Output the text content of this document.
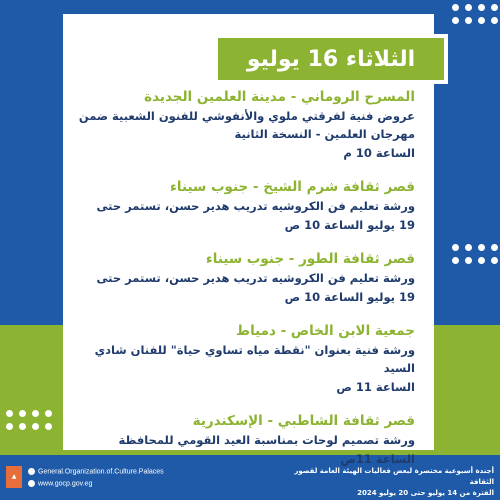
الثلاثاء 16 يوليو
المسرح الروماني - مدينة العلمين الجديدة
عروض فنية لفرقتي ملوي والأنفوشي للفنون الشعبية ضمن
مهرجان العلمين - النسخة الثانية
الساعة 10 م
قصر ثقافة شرم الشيخ - جنوب سيناء
ورشة تعليم فن الكروشيه تدريب هدير حسن، تستمر حتى
19 يوليو الساعة 10 ص
قصر ثقافة الطور - جنوب سيناء
ورشة تعليم فن الكروشيه تدريب هدير حسن، تستمر حتى
19 يوليو الساعة 10 ص
جمعية الابن الخاص - دمياط
ورشة فنية بعنوان "نقطة مياه تساوي حياة" للفنان شادي السيد
الساعة 11 ص
قصر ثقافة الشاطبي - الإسكندرية
ورشة تصميم لوحات بمناسبة العيد القومي للمحافظة
الساعة 11ص
▲
General.Organization.of.Culture.Palaces
www.gocp.gov.eg
أجندة أسبوعية مختصرة لبعض فعاليات الهيئة العامة لقصور الثقافة
الفترة من 14 يوليو حتى 20 يوليو 2024
